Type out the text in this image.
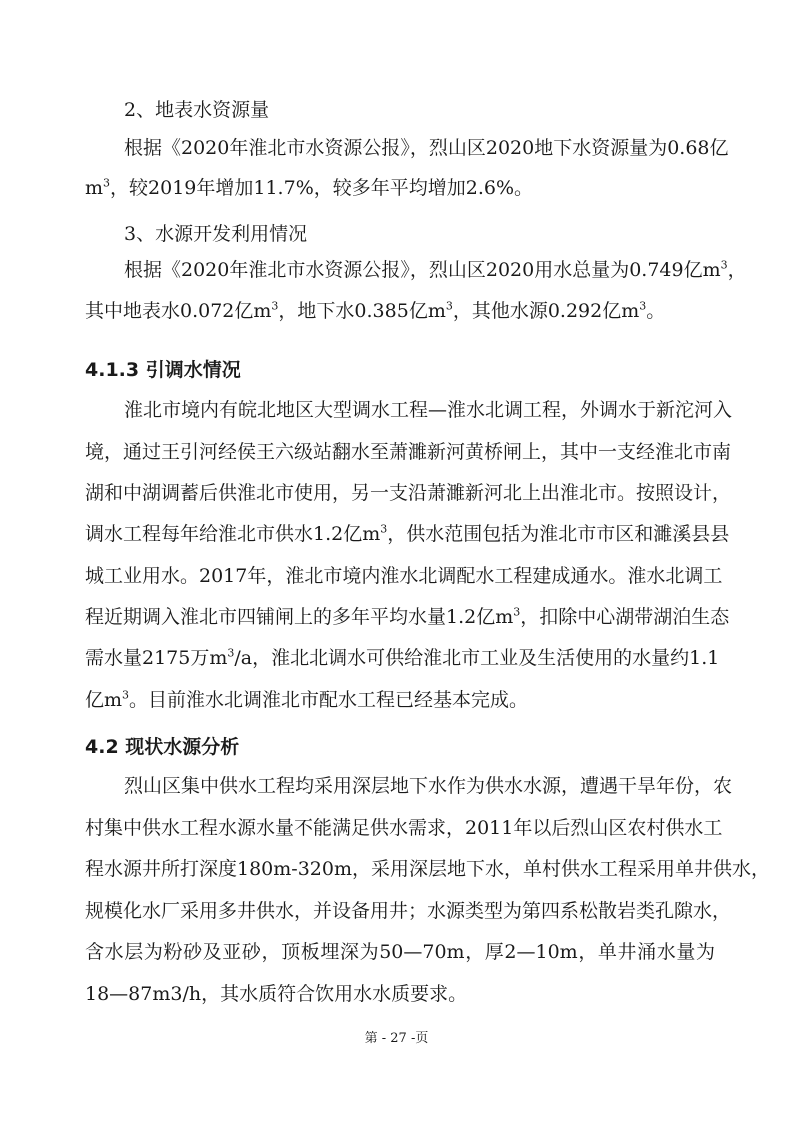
2、地表水资源量
根据《2020年淮北市水资源公报》，烈山区2020地下水资源量为0.68亿
$m^3$，较2019年增加11.7%，较多年平均增加2.6%。
3、水源开发利用情况
根据《2020年淮北市水资源公报》，烈山区2020用水总量为0.749亿$m^3$，
其中地表水0.072亿$m^3$，地下水0.385亿$m^3$，其他水源0.292亿$m^3$。
4.1.3 引调水情况
淮北市境内有皖北地区大型调水工程—淮水北调工程，外调水于新沱河入
境，通过王引河经侯王六级站翻水至萧濉新河黄桥闸上，其中一支经淮北市南
湖和中湖调蓄后供淮北市使用，另一支沿萧濉新河北上出淮北市。按照设计，
调水工程每年给淮北市供水1.2亿$m^3$，供水范围包括为淮北市市区和濉溪县县
城工业用水。2017年，淮北市境内淮水北调配水工程建成通水。淮水北调工
程近期调入淮北市四铺闸上的多年平均水量1.2亿$m^3$，扣除中心湖带湖泊生态
需水量2175万$m^3/a$，淮北北调水可供给淮北市工业及生活使用的水量约1.1
亿$m^3$。目前淮水北调淮北市配水工程已经基本完成。
4.2 现状水源分析
烈山区集中供水工程均采用深层地下水作为供水水源，遭遇干旱年份，农
村集中供水工程水源水量不能满足供水需求，2011年以后烈山区农村供水工
程水源井所打深度180m-320m，采用深层地下水，单村供水工程采用单井供水，
规模化水厂采用多井供水，并设备用井；水源类型为第四系松散岩类孔隙水，
含水层为粉砂及亚砂，顶板埋深为50—70m，厚2—10m，单井涌水量为
18—87m3/h，其水质符合饮用水水质要求。
第 - 27 -页
